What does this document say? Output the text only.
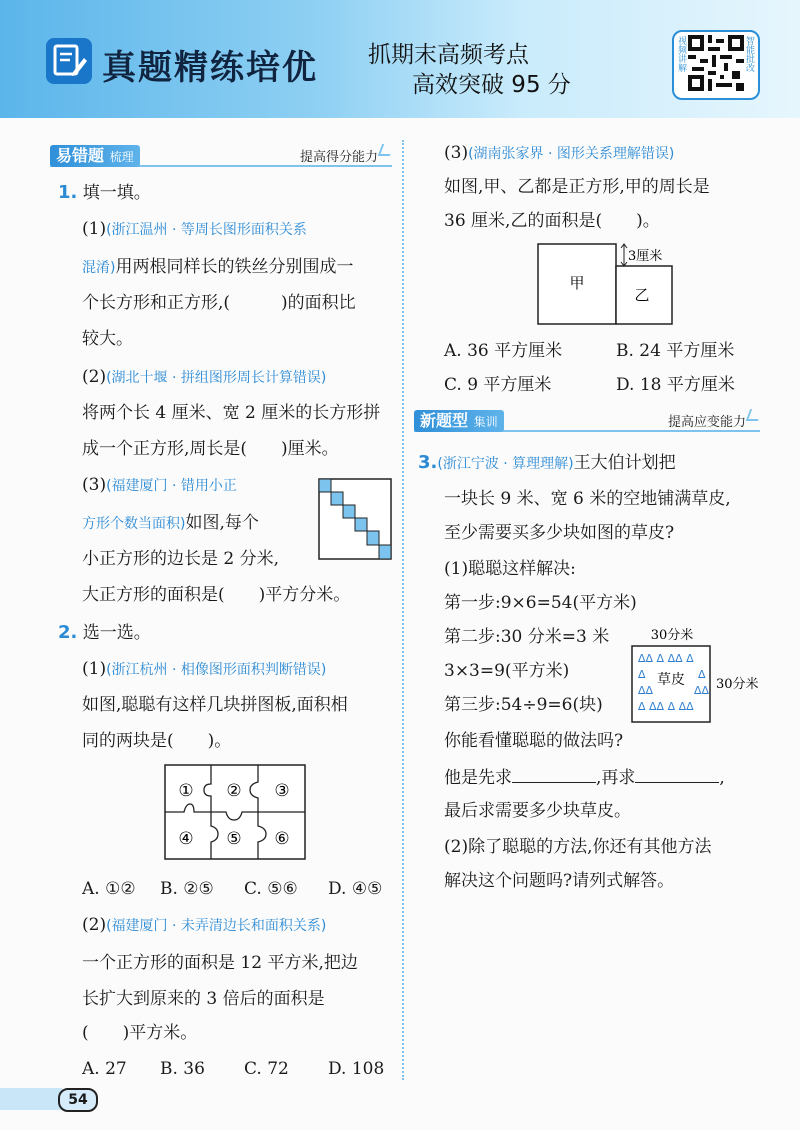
真题精练培优 抓期末高频考点
高效突破 95 分
视频讲解	智能批改
易错题 梳理	提高得分能力
1. 填一填。
(1)(浙江温州 · 等周长图形面积关系
混淆)用两根同样长的铁丝分别围成一
个长方形和正方形,(　　　)的面积比
较大。
(2)(湖北十堰 · 拼组图形周长计算错误)
将两个长 4 厘米、宽 2 厘米的长方形拼
成一个正方形,周长是(　　)厘米。
(3)(福建厦门 · 错用小正
方形个数当面积)如图,每个
小正方形的边长是 2 分米,
大正方形的面积是(　　)平方分米。
2. 选一选。
(1)(浙江杭州 · 相像图形面积判断错误)
如图,聪聪有这样几块拼图板,面积相
同的两块是(　　)。
① ② ③
④ ⑤ ⑥
A. ①② B. ②⑤ C. ⑤⑥ D. ④⑤
(2)(福建厦门 · 未弄清边长和面积关系)
一个正方形的面积是 12 平方米,把边
长扩大到原来的 3 倍后的面积是
(　　)平方米。
A. 27 B. 36 C. 72 D. 108
(3)(湖南张家界 · 图形关系理解错误)
如图,甲、乙都是正方形,甲的周长是
36 厘米,乙的面积是(　　)。
甲
乙
3厘米
A. 36 平方厘米	B. 24 平方厘米
C. 9 平方厘米	D. 18 平方厘米
新题型 集训	提高应变能力
3.(浙江宁波 · 算理理解)王大伯计划把
一块长 9 米、宽 6 米的空地铺满草皮,
至少需要买多少块如图的草皮?
(1)聪聪这样解决:
第一步:9×6=54(平方米)
第二步:30 分米=3 米
3×3=9(平方米)
第三步:54÷9=6(块)
30分米
ᐃᐃ ᐃ ᐃᐃ ᐃ
ᐃ	ᐃ
ᐃᐃ	ᐃᐃ
ᐃ ᐃᐃ ᐃ ᐃᐃ
草皮 30分米
你能看懂聪聪的做法吗?
他是先求	,再求	,
最后求需要多少块草皮。
(2)除了聪聪的方法,你还有其他方法
解决这个问题吗?请列式解答。
54
